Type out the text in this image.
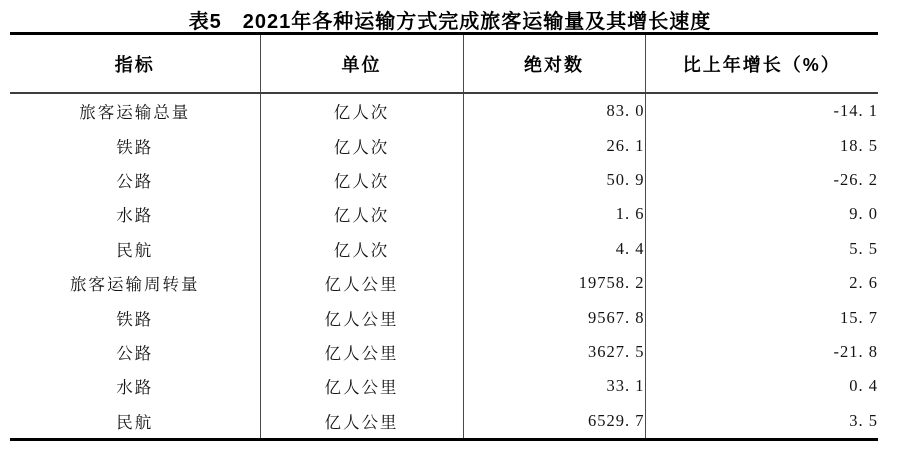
表5　2021年各种运输方式完成旅客运输量及其增长速度
指标	单位	绝对数	比上年增长（%）
旅客运输总量	亿人次	83. 0	-14. 1
铁路	亿人次	26. 1	18. 5
公路	亿人次	50. 9	-26. 2
水路	亿人次	1. 6	9. 0
民航	亿人次	4. 4	5. 5
旅客运输周转量	亿人公里	19758. 2	2. 6
铁路	亿人公里	9567. 8	15. 7
公路	亿人公里	3627. 5	-21. 8
水路	亿人公里	33. 1	0. 4
民航	亿人公里	6529. 7	3. 5
